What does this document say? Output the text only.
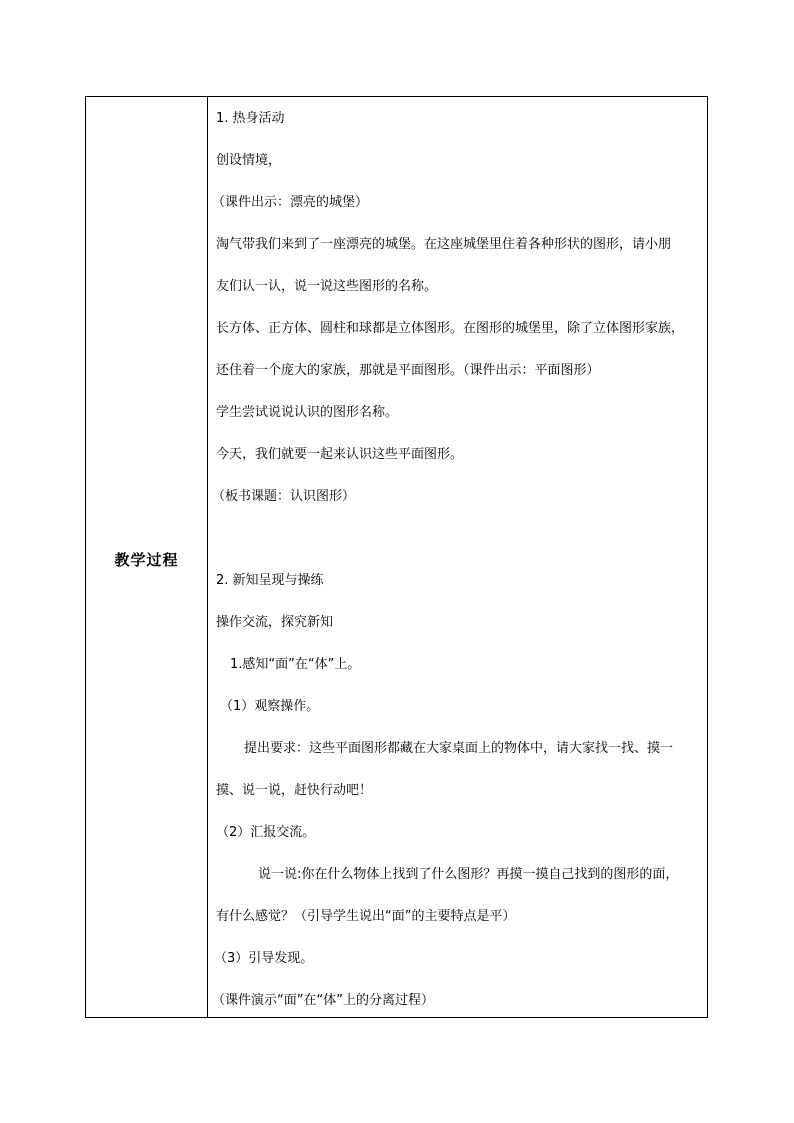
教学过程
1. 热身活动
创设情境，
（课件出示：漂亮的城堡）
淘气带我们来到了一座漂亮的城堡。在这座城堡里住着各种形状的图形，请小朋
友们认一认，说一说这些图形的名称。
长方体、正方体、圆柱和球都是立体图形。在图形的城堡里，除了立体图形家族，
还住着一个庞大的家族，那就是平面图形。（课件出示：平面图形）
学生尝试说说认识的图形名称。
今天，我们就要一起来认识这些平面图形。
（板书课题：认识图形）
2. 新知呈现与操练
操作交流，探究新知
1.感知“面”在“体”上。
（1）观察操作。
提出要求：这些平面图形都藏在大家桌面上的物体中，请大家找一找、摸一
摸、说一说，赶快行动吧！
（2）汇报交流。
说一说:你在什么物体上找到了什么图形？再摸一摸自己找到的图形的面，
有什么感觉？（引导学生说出“面”的主要特点是平）
（3）引导发现。
（课件演示“面”在“体”上的分离过程）
